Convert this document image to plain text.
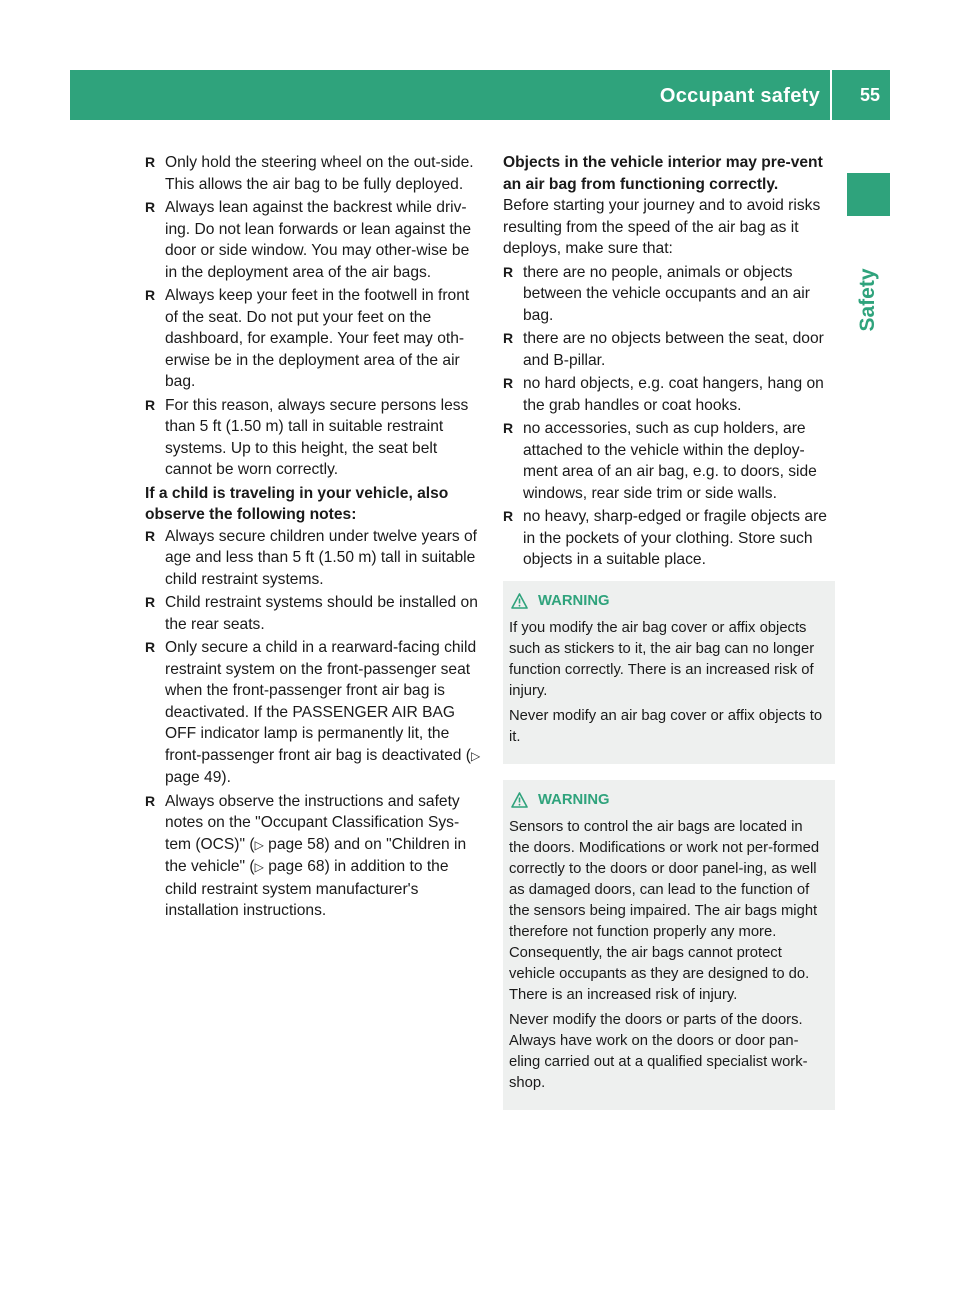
Occupant safety 55
Safety
R Only hold the steering wheel on the out-side. This allows the air bag to be fully deployed.
R Always lean against the backrest while driv-ing. Do not lean forwards or lean against the door or side window. You may other-wise be in the deployment area of the air bags.
R Always keep your feet in the footwell in front of the seat. Do not put your feet on the dashboard, for example. Your feet may oth-erwise be in the deployment area of the air bag.
R For this reason, always secure persons less than 5 ft (1.50 m) tall in suitable restraint systems. Up to this height, the seat belt cannot be worn correctly.

If a child is traveling in your vehicle, also observe the following notes:

R Always secure children under twelve years of age and less than 5 ft (1.50 m) tall in suitable child restraint systems.
R Child restraint systems should be installed on the rear seats.
R Only secure a child in a rearward-facing child restraint system on the front-passenger seat when the front-passenger front air bag is deactivated. If the PASSENGER AIR BAG OFF indicator lamp is permanently lit, the front-passenger front air bag is deactivated (▷ page 49).
R Always observe the instructions and safety notes on the "Occupant Classification Sys-tem (OCS)" (▷ page 58) and on "Children in the vehicle" (▷ page 68) in addition to the child restraint system manufacturer's installation instructions.

Objects in the vehicle interior may pre-vent an air bag from functioning correctly.

Before starting your journey and to avoid risks resulting from the speed of the air bag as it deploys, make sure that:

R there are no people, animals or objects between the vehicle occupants and an air bag.
R there are no objects between the seat, door and B-pillar.
R no hard objects, e.g. coat hangers, hang on the grab handles or coat hooks.
R no accessories, such as cup holders, are attached to the vehicle within the deploy-ment area of an air bag, e.g. to doors, side windows, rear side trim or side walls.
R no heavy, sharp-edged or fragile objects are in the pockets of your clothing. Store such objects in a suitable place.
WARNING

If you modify the air bag cover or affix objects such as stickers to it, the air bag can no longer function correctly. There is an increased risk of injury.

Never modify an air bag cover or affix objects to it.

WARNING

Sensors to control the air bags are located in the doors. Modifications or work not per-formed correctly to the doors or door panel-ing, as well as damaged doors, can lead to the function of the sensors being impaired. The air bags might therefore not function properly any more. Consequently, the air bags cannot protect vehicle occupants as they are designed to do. There is an increased risk of injury.

Never modify the doors or parts of the doors. Always have work on the doors or door pan-eling carried out at a qualified specialist work-shop.
